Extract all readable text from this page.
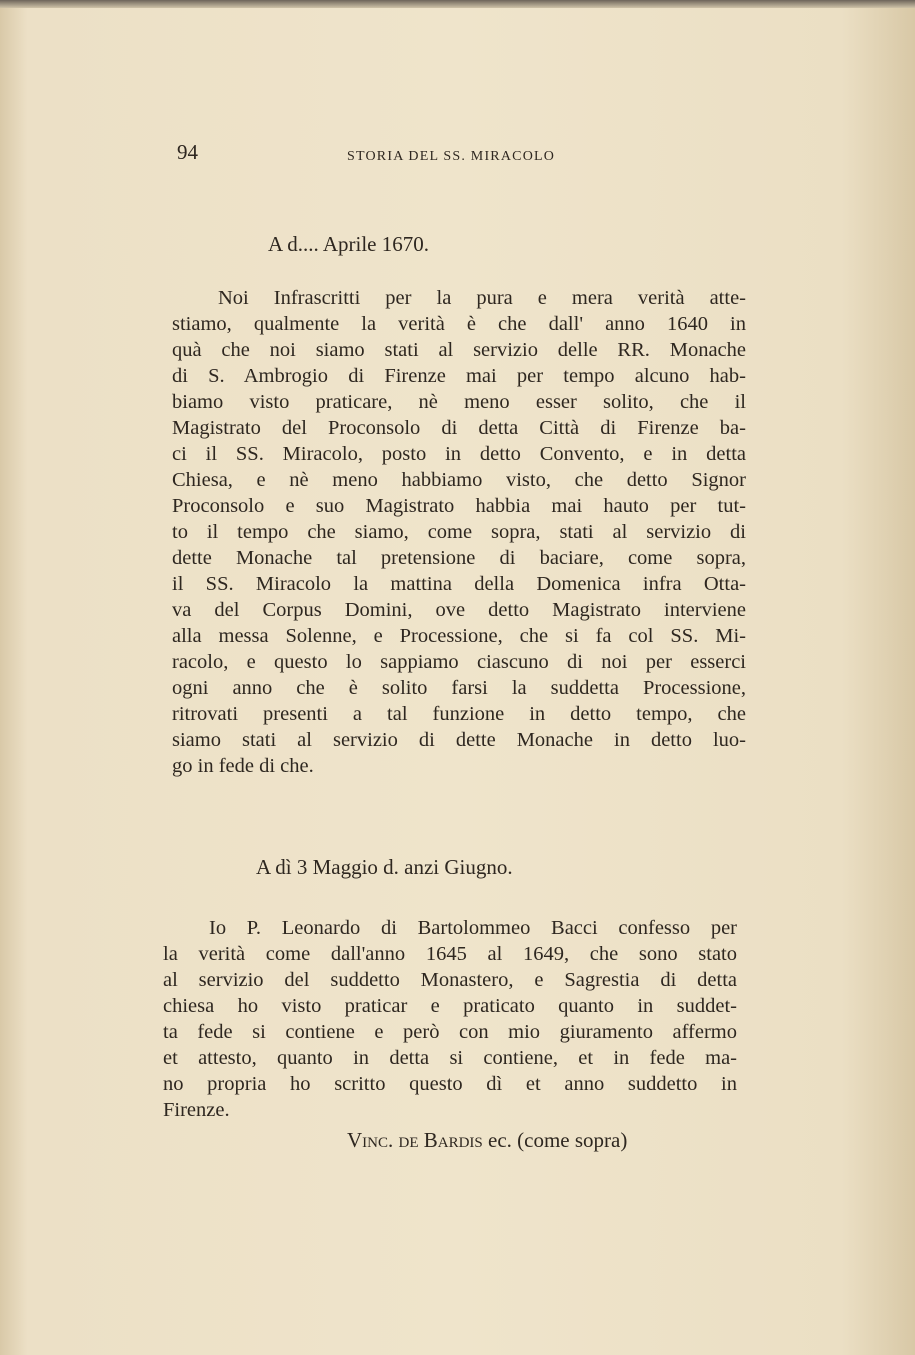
94	STORIA DEL SS. MIRACOLO
A d.... Aprile 1670.
Noi Infrascritti per la pura e mera verità atte-
stiamo, qualmente la verità è che dall' anno 1640 in
quà che noi siamo stati al servizio delle RR. Monache
di S. Ambrogio di Firenze mai per tempo alcuno hab-
biamo visto praticare, nè meno esser solito, che il
Magistrato del Proconsolo di detta Città di Firenze ba-
ci il SS. Miracolo, posto in detto Convento, e in detta
Chiesa, e nè meno habbiamo visto, che detto Signor
Proconsolo e suo Magistrato habbia mai hauto per tut-
to il tempo che siamo, come sopra, stati al servizio di
dette Monache tal pretensione di baciare, come sopra,
il SS. Miracolo la mattina della Domenica infra Otta-
va del Corpus Domini, ove detto Magistrato interviene
alla messa Solenne, e Processione, che si fa col SS. Mi-
racolo, e questo lo sappiamo ciascuno di noi per esserci
ogni anno che è solito farsi la suddetta Processione,
ritrovati presenti a tal funzione in detto tempo, che
siamo stati al servizio di dette Monache in detto luo-
go in fede di che.
A dì 3 Maggio d. anzi Giugno.
Io P. Leonardo di Bartolommeo Bacci confesso per
la verità come dall'anno 1645 al 1649, che sono stato
al servizio del suddetto Monastero, e Sagrestia di detta
chiesa ho visto praticar e praticato quanto in suddet-
ta fede si contiene e però con mio giuramento affermo
et attesto, quanto in detta si contiene, et in fede ma-
no propria ho scritto questo dì et anno suddetto in
Firenze.
Vinc. de Bardis ec. (come sopra)
